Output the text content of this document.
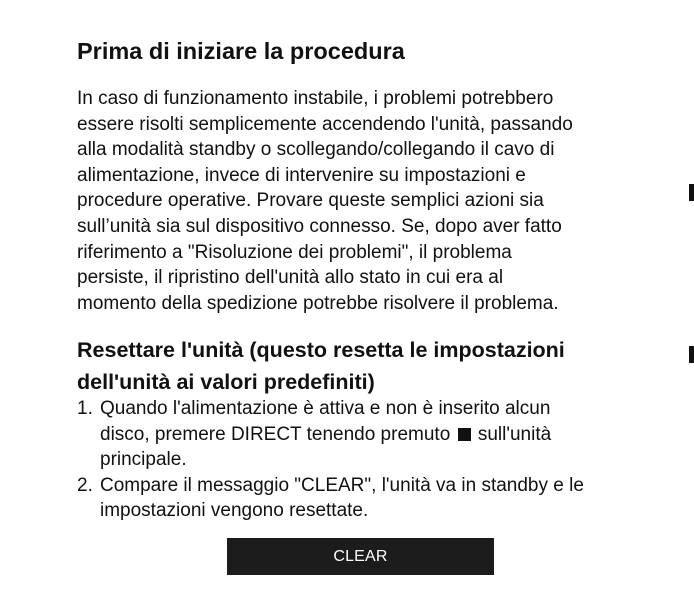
Prima di iniziare la procedura

In caso di funzionamento instabile, i problemi potrebbero
essere risolti semplicemente accendendo l'unità, passando
alla modalità standby o scollegando/collegando il cavo di
alimentazione, invece di intervenire su impostazioni e
procedure operative. Provare queste semplici azioni sia
sull’unità sia sul dispositivo connesso. Se, dopo aver fatto
riferimento a "Risoluzione dei problemi", il problema
persiste, il ripristino dell'unità allo stato in cui era al
momento della spedizione potrebbe risolvere il problema.

Resettare l'unità (questo resetta le impostazioni
dell'unità ai valori predefiniti)
1. Quando l'alimentazione è attiva e non è inserito alcun
disco, premere DIRECT tenendo premuto sull'unità
principale.
2. Compare il messaggio "CLEAR", l'unità va in standby e le
impostazioni vengono resettate.
CLEAR
